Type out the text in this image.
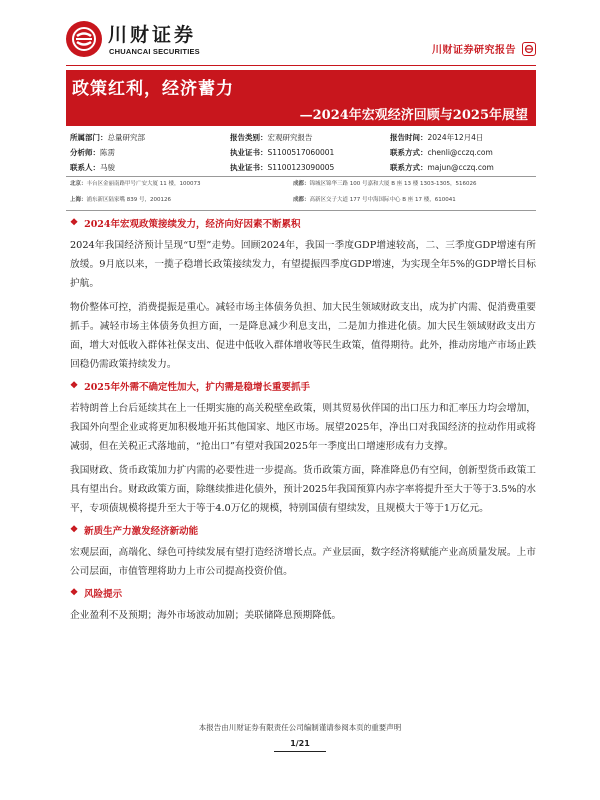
川财证券
CHUANCAI SECURITIES	川财证券研究报告
政策红利，经济蓄力
—2024年宏观经济回顾与2025年展望
所属部门：总量研究部	报告类别：宏观研究报告	报告时间：2024年12月4日
分析师：陈雳	执业证书：S1100517060001	联系方式：chenli@cczq.com
联系人：马骏	执业证书：S1100123090005	联系方式：majun@cczq.com
北京：丰台区金丽南路甲号广安大厦 11 楼，100073	成都：锦城区锦华三路 100 号嘉和大厦 B 座 13 楼 1303-1305，516026
上海：浦东新区陆家嘴 839 号，200126	成都：高新区交子大道 177 号中海国际中心 B 座 17 楼，610041
❖ 2024年宏观政策接续发力，经济向好因素不断累积

2024年我国经济预计呈现“U型”走势。回顾2024年，我国一季度GDP增速较高，二、三季度GDP增速有所放缓。9月底以来，一揽子稳增长政策接续发力，有望提振四季度GDP增速，为实现全年5%的GDP增长目标护航。

物价整体可控，消费提振是重心。减轻市场主体债务负担、加大民生领域财政支出，成为扩内需、促消费重要抓手。减轻市场主体债务负担方面，一是降息减少利息支出，二是加力推进化债。加大民生领域财政支出方面，增大对低收入群体社保支出、促进中低收入群体增收等民生政策，值得期待。此外，推动房地产市场止跌回稳仍需政策持续发力。

❖ 2025年外需不确定性加大，扩内需是稳增长重要抓手

若特朗普上台后延续其在上一任期实施的高关税壁垒政策，则其贸易伙伴国的出口压力和汇率压力均会增加，我国外向型企业或将更加积极地开拓其他国家、地区市场。展望2025年，净出口对我国经济的拉动作用或将减弱，但在关税正式落地前，“抢出口”有望对我国2025年一季度出口增速形成有力支撑。

我国财政、货币政策加力扩内需的必要性进一步提高。货币政策方面，降准降息仍有空间，创新型货币政策工具有望出台。财政政策方面，除继续推进化债外，预计2025年我国预算内赤字率将提升至大于等于3.5%的水平，专项债规模将提升至大于等于4.0万亿的规模，特别国债有望续发，且规模大于等于1万亿元。

❖ 新质生产力激发经济新动能

宏观层面，高端化、绿色可持续发展有望打造经济增长点。产业层面，数字经济将赋能产业高质量发展。上市公司层面，市值管理将助力上市公司提高投资价值。

❖ 风险提示

企业盈利不及预期；海外市场波动加剧；美联储降息预期降低。

本报告由川财证券有限责任公司编制谨请参阅本页的重要声明
1/21
